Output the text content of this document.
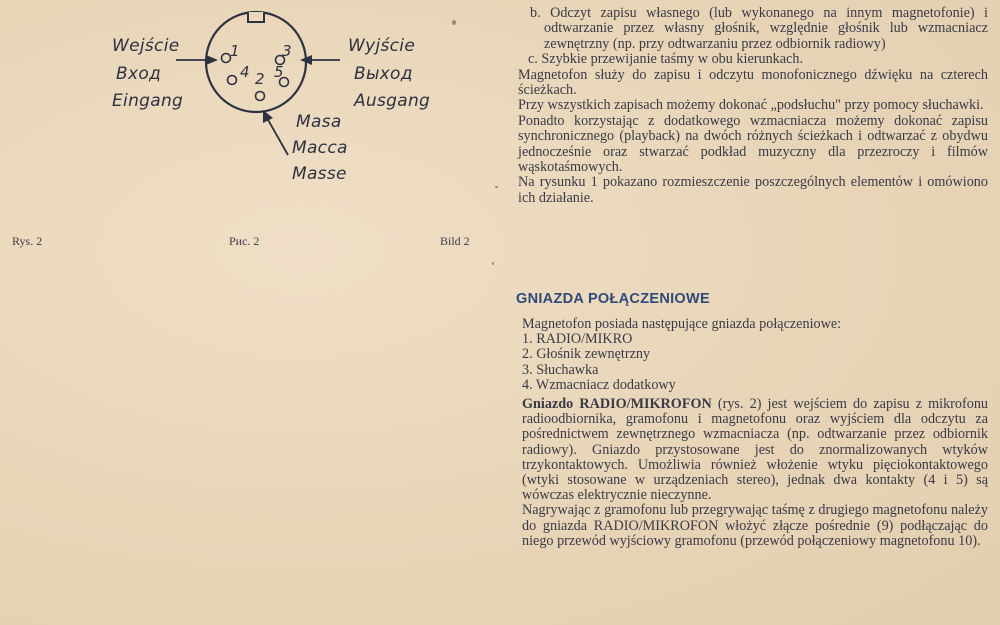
1
2
3
4 5
Wejście
Вход
Eingang
Wyjście
Выход
Ausgang
Masa
Масса
Masse
Rys. 2	Рис. 2	Bild 2

b. Odczyt zapisu własnego (lub wykonanego na innym magnetofonie) i odtwarzanie przez własny głośnik, względnie głośnik lub wzmacniacz zewnętrzny (np. przy odtwarzaniu przez odbiornik radiowy)

c. Szybkie przewijanie taśmy w obu kierunkach.

Magnetofon służy do zapisu i odczytu monofonicznego dźwięku na czterech ścieżkach.

Przy wszystkich zapisach możemy dokonać „podsłuchu" przy pomocy słuchawki.

Ponadto korzystając z dodatkowego wzmacniacza możemy dokonać zapisu synchronicznego (playback) na dwóch różnych ścieżkach i odtwarzać z obydwu jednocześnie oraz stwarzać podkład muzyczny dla przezroczy i filmów wąskotaśmowych.

Na rysunku 1 pokazano rozmieszczenie poszczególnych elementów i omówiono ich działanie.

GNIAZDA POŁĄCZENIOWE

Magnetofon posiada następujące gniazda połączeniowe:

1. RADIO/MIKRO

2. Głośnik zewnętrzny

3. Słuchawka

4. Wzmacniacz dodatkowy

Gniazdo RADIO/MIKROFON (rys. 2) jest wejściem do zapisu z mikrofonu radioodbiornika, gramofonu i magnetofonu oraz wyjściem dla odczytu za pośrednictwem zewnętrznego wzmacniacza (np. odtwarzanie przez odbiornik radiowy). Gniazdo przystosowane jest do znormalizowanych wtyków trzykontaktowych. Umożliwia również włożenie wtyku pięciokontaktowego (wtyki stosowane w urządzeniach stereo), jednak dwa kontakty (4 i 5) są wówczas elektrycznie nieczynne.

Nagrywając z gramofonu lub przegrywając taśmę z drugiego magnetofonu należy do gniazda RADIO/MIKROFON włożyć złącze pośrednie (9) podłączając do niego przewód wyjściowy gramofonu (przewód połączeniowy magnetofonu 10).
